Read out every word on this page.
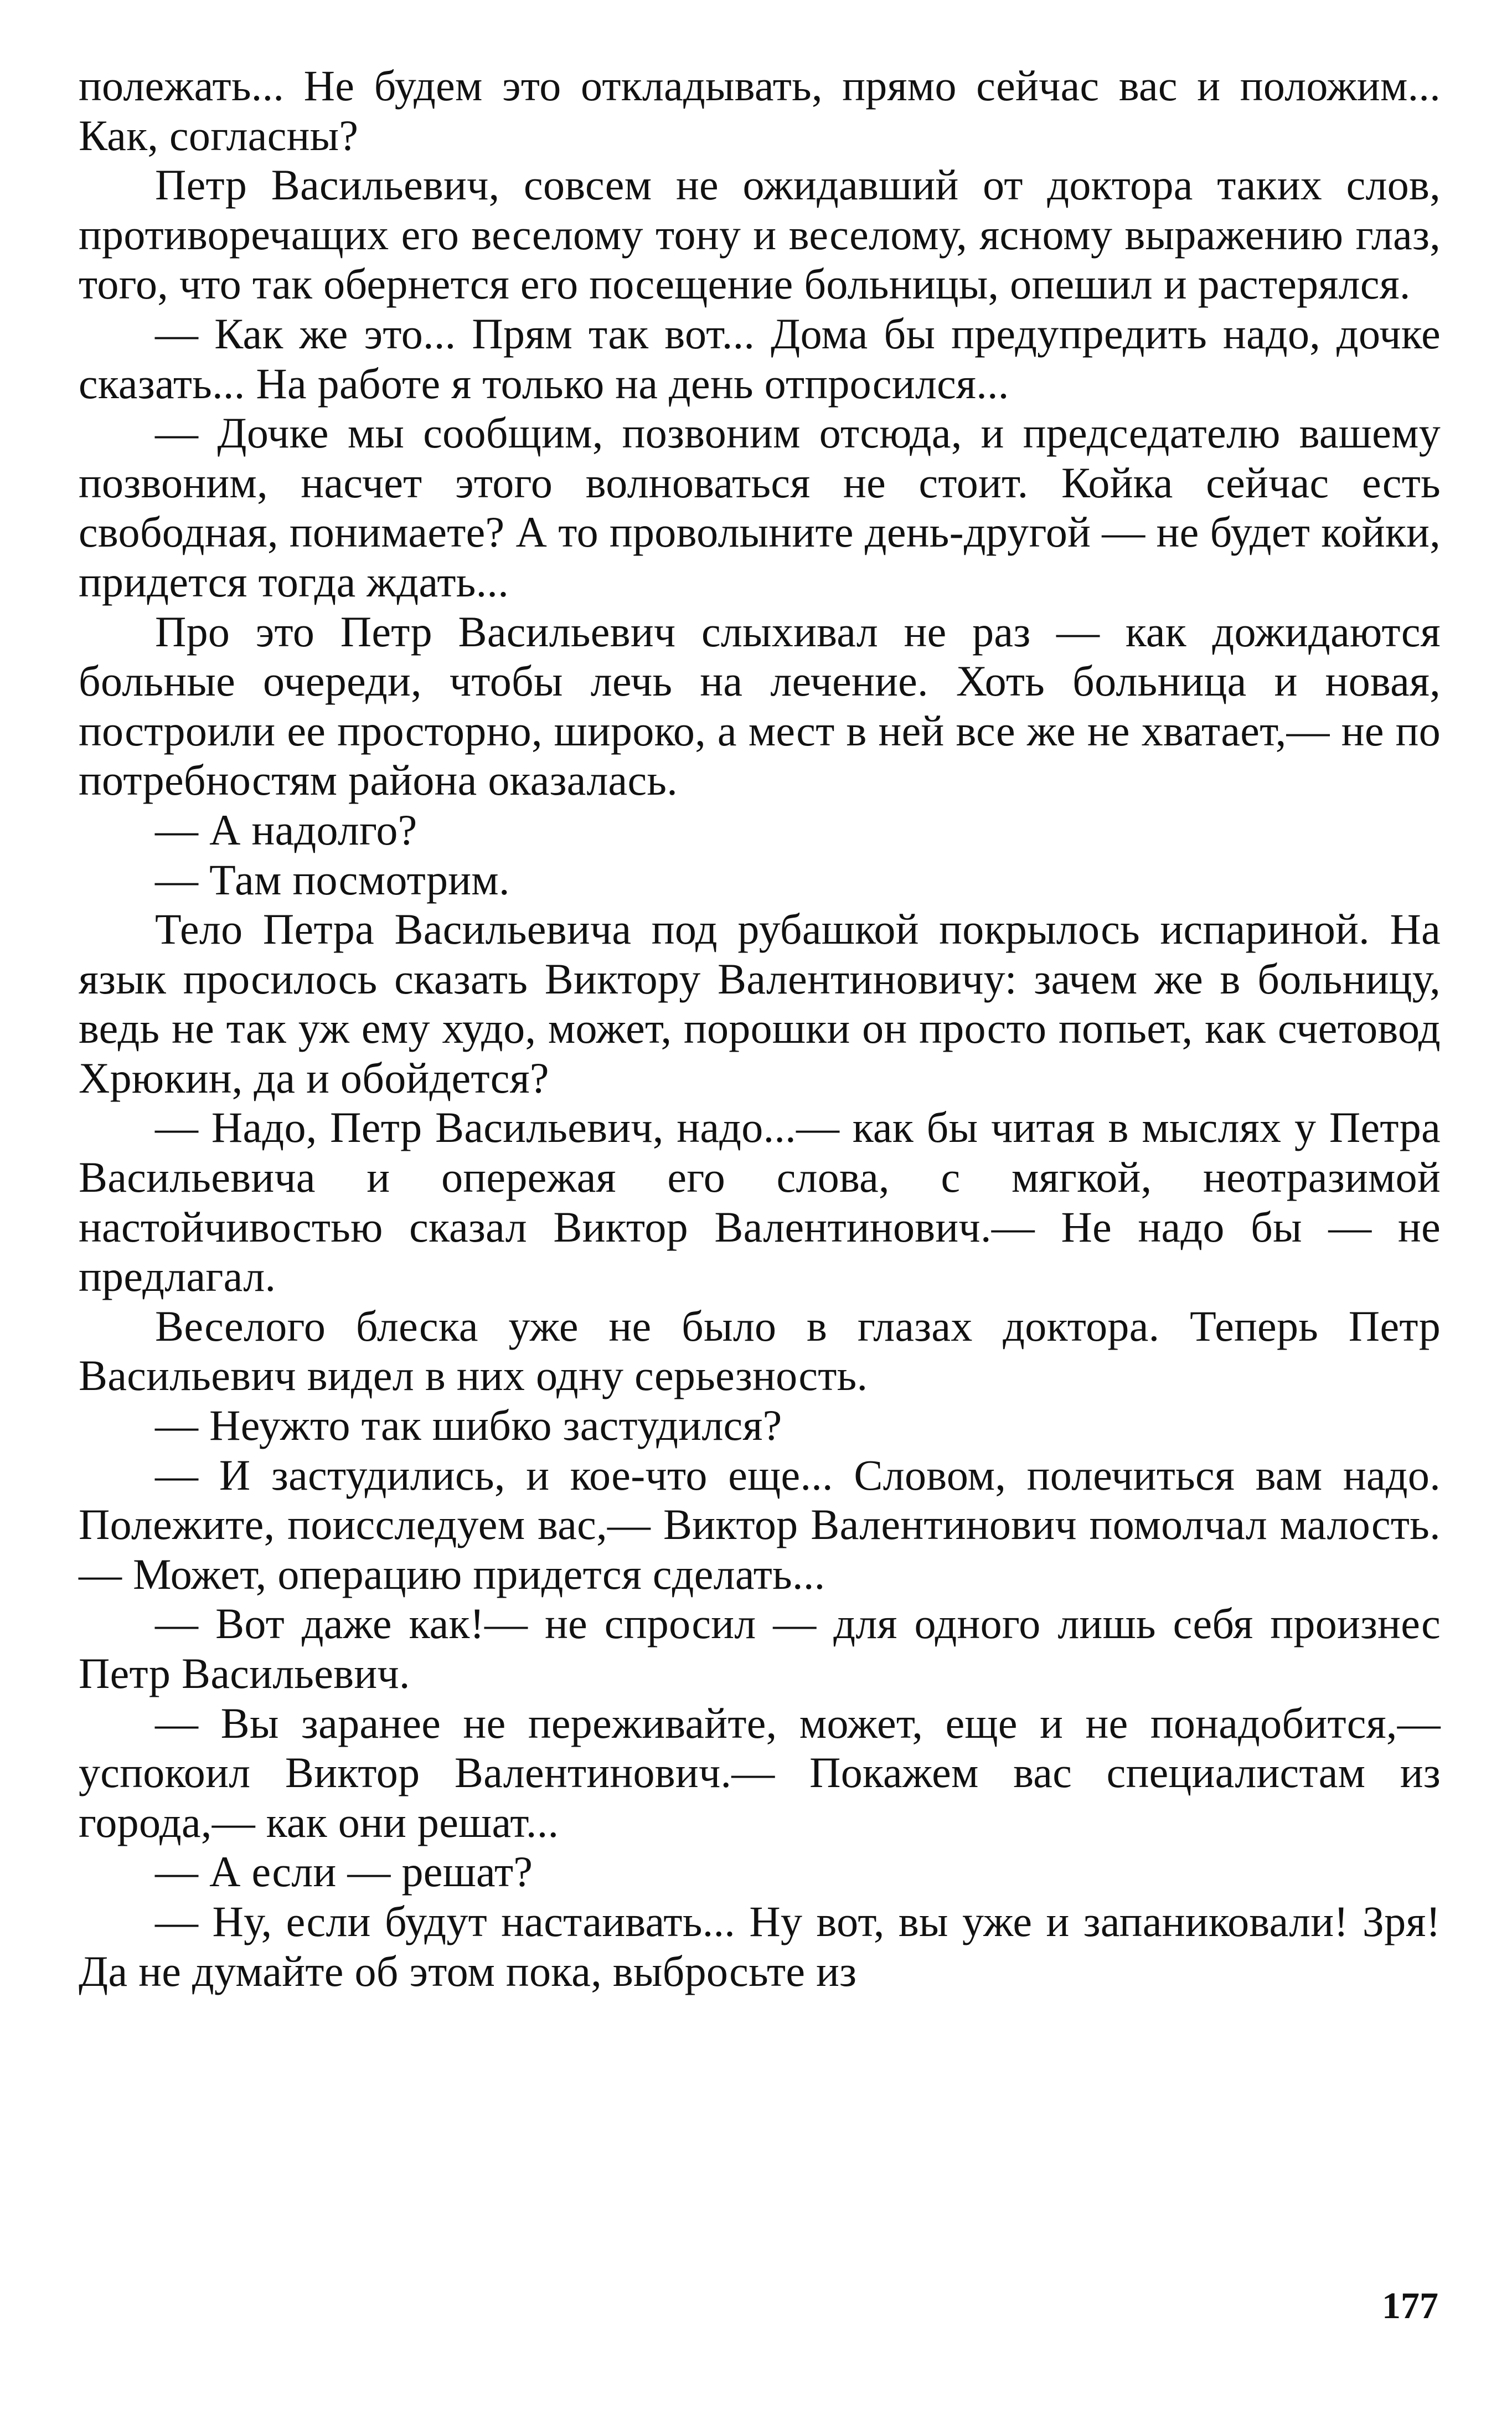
полежать... Не будем это откладывать, прямо сейчас вас и положим... Как, согласны?

Петр Васильевич, совсем не ожидавший от доктора таких слов, противоречащих его веселому тону и веселому, ясному выражению глаз, того, что так обернется его посещение больницы, опешил и растерялся.

— Как же это... Прям так вот... Дома бы предупредить надо, дочке сказать... На работе я только на день отпросился...

— Дочке мы сообщим, позвоним отсюда, и председателю вашему позвоним, насчет этого волноваться не стоит. Койка сейчас есть свободная, понимаете? А то проволыните день-другой — не будет койки, придется тогда ждать...

Про это Петр Васильевич слыхивал не раз — как дожидаются больные очереди, чтобы лечь на лечение. Хоть больница и новая, построили ее просторно, широко, а мест в ней все же не хватает,— не по потребностям района оказалась.

— А надолго?

— Там посмотрим.

Тело Петра Васильевича под рубашкой покрылось испариной. На язык просилось сказать Виктору Валентиновичу: зачем же в больницу, ведь не так уж ему худо, может, порошки он просто попьет, как счетовод Хрюкин, да и обойдется?

— Надо, Петр Васильевич, надо...— как бы читая в мыслях у Петра Васильевича и опережая его слова, с мягкой, неотразимой настойчивостью сказал Виктор Валентинович.— Не надо бы — не предлагал.

Веселого блеска уже не было в глазах доктора. Теперь Петр Васильевич видел в них одну серьезность.

— Неужто так шибко застудился?

— И застудились, и кое-что еще... Словом, полечиться вам надо. Полежите, поисследуем вас,— Виктор Валентинович помолчал малость.— Может, операцию придется сделать...

— Вот даже как!— не спросил — для одного лишь себя произнес Петр Васильевич.

— Вы заранее не переживайте, может, еще и не понадобится,— успокоил Виктор Валентинович.— Покажем вас специалистам из города,— как они решат...

— А если — решат?

— Ну, если будут настаивать... Ну вот, вы уже и запаниковали! Зря! Да не думайте об этом пока, выбросьте из

177
